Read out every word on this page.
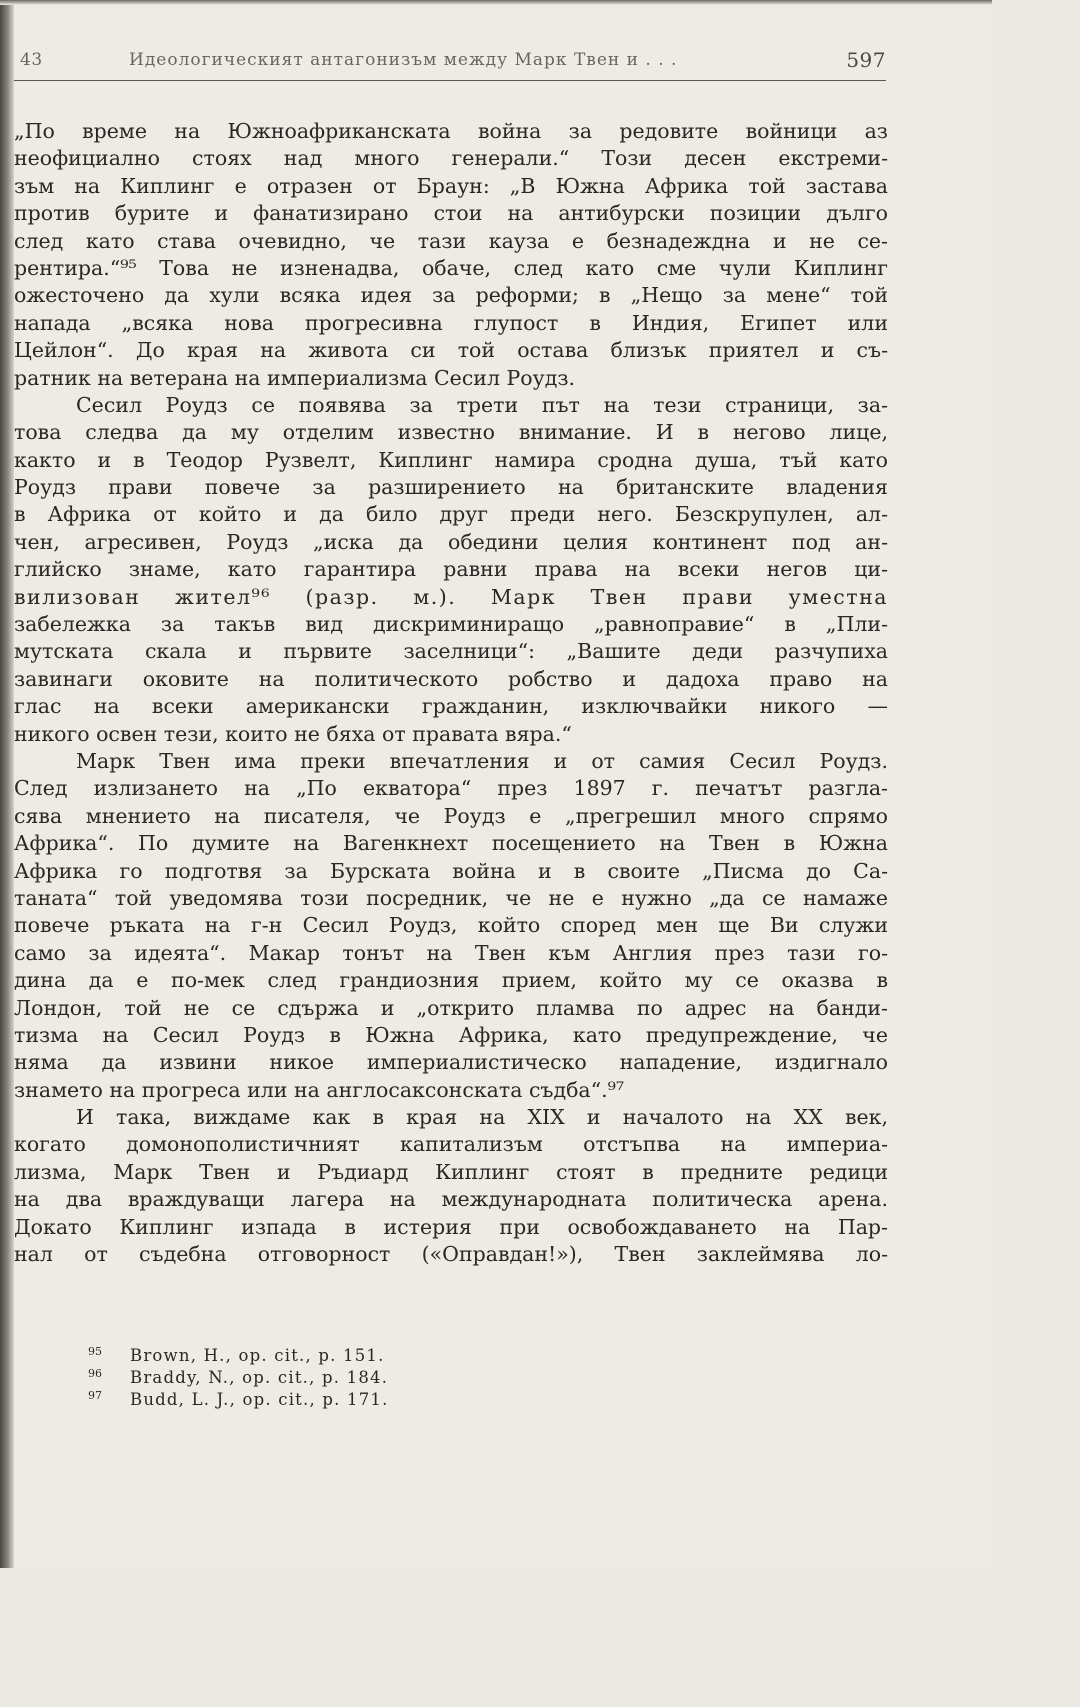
43	Идеологическият антагонизъм между Марк Твен и . . .	597
„По време на Южноафриканската война за редовите войници аз
неофициално стоях над много генерали.“ Този десен екстреми-
зъм на Киплинг е отразен от Браун: „В Южна Африка той застава
против бурите и фанатизирано стои на антибурски позиции дълго
след като става очевидно, че тази кауза е безнадеждна и не се-
рентира.“⁹⁵ Това не изненадва, обаче, след като сме чули Киплинг
ожесточено да хули всяка идея за реформи; в „Нещо за мене“ той
напада „всяка нова прогресивна глупост в Индия, Египет или
Цейлон“. До края на живота си той остава близък приятел и съ-
ратник на ветерана на империализма Сесил Роудз.
Сесил Роудз се появява за трети път на тези страници, за-
това следва да му отделим известно внимание. И в негово лице,
както и в Теодор Рузвелт, Киплинг намира сродна душа, тъй като
Роудз прави повече за разширението на британските владения
в Африка от който и да било друг преди него. Безскрупулен, ал-
чен, агресивен, Роудз „иска да обедини целия континент под ан-
глийско знаме, като гарантира равни права на всеки негов ци-
вилизован жител⁹⁶ (разр. м.). Марк Твен прави уместна
забележка за такъв вид дискриминиращо „равноправие“ в „Пли-
мутската скала и първите заселници“: „Вашите деди разчупиха
завинаги оковите на политическото робство и дадоха право на
глас на всеки американски гражданин, изключвайки никого —
никого освен тези, които не бяха от правата вяра.“
Марк Твен има преки впечатления и от самия Сесил Роудз.
След излизането на „По екватора“ през 1897 г. печатът разгла-
сява мнението на писателя, че Роудз е „прегрешил много спрямо
Африка“. По думите на Вагенкнехт посещението на Твен в Южна
Африка го подготвя за Бурската война и в своите „Писма до Са-
таната“ той уведомява този посредник, че не е нужно „да се намаже
повече ръката на г-н Сесил Роудз, който според мен ще Ви служи
само за идеята“. Макар тонът на Твен към Англия през тази го-
дина да е по-мек след грандиозния прием, който му се оказва в
Лондон, той не се сдържа и „открито пламва по адрес на банди-
тизма на Сесил Роудз в Южна Африка, като предупреждение, че
няма да извини никое империалистическо нападение, издигнало
знамето на прогреса или на англосаксонската съдба“.⁹⁷
И така, виждаме как в края на XIX и началото на XX век,
когато домонополистичният капитализъм отстъпва на империа-
лизма, Марк Твен и Ръдиард Киплинг стоят в предните редици
на два враждуващи лагера на международната политическа арена.
Докато Киплинг изпада в истерия при освобождаването на Пар-
нал от съдебна отговорност («Оправдан!»), Твен заклеймява ло-
95 Brown, H., op. cit., p. 151.
96 Braddy, N., op. cit., p. 184.
97 Budd, L. J., op. cit., p. 171.
